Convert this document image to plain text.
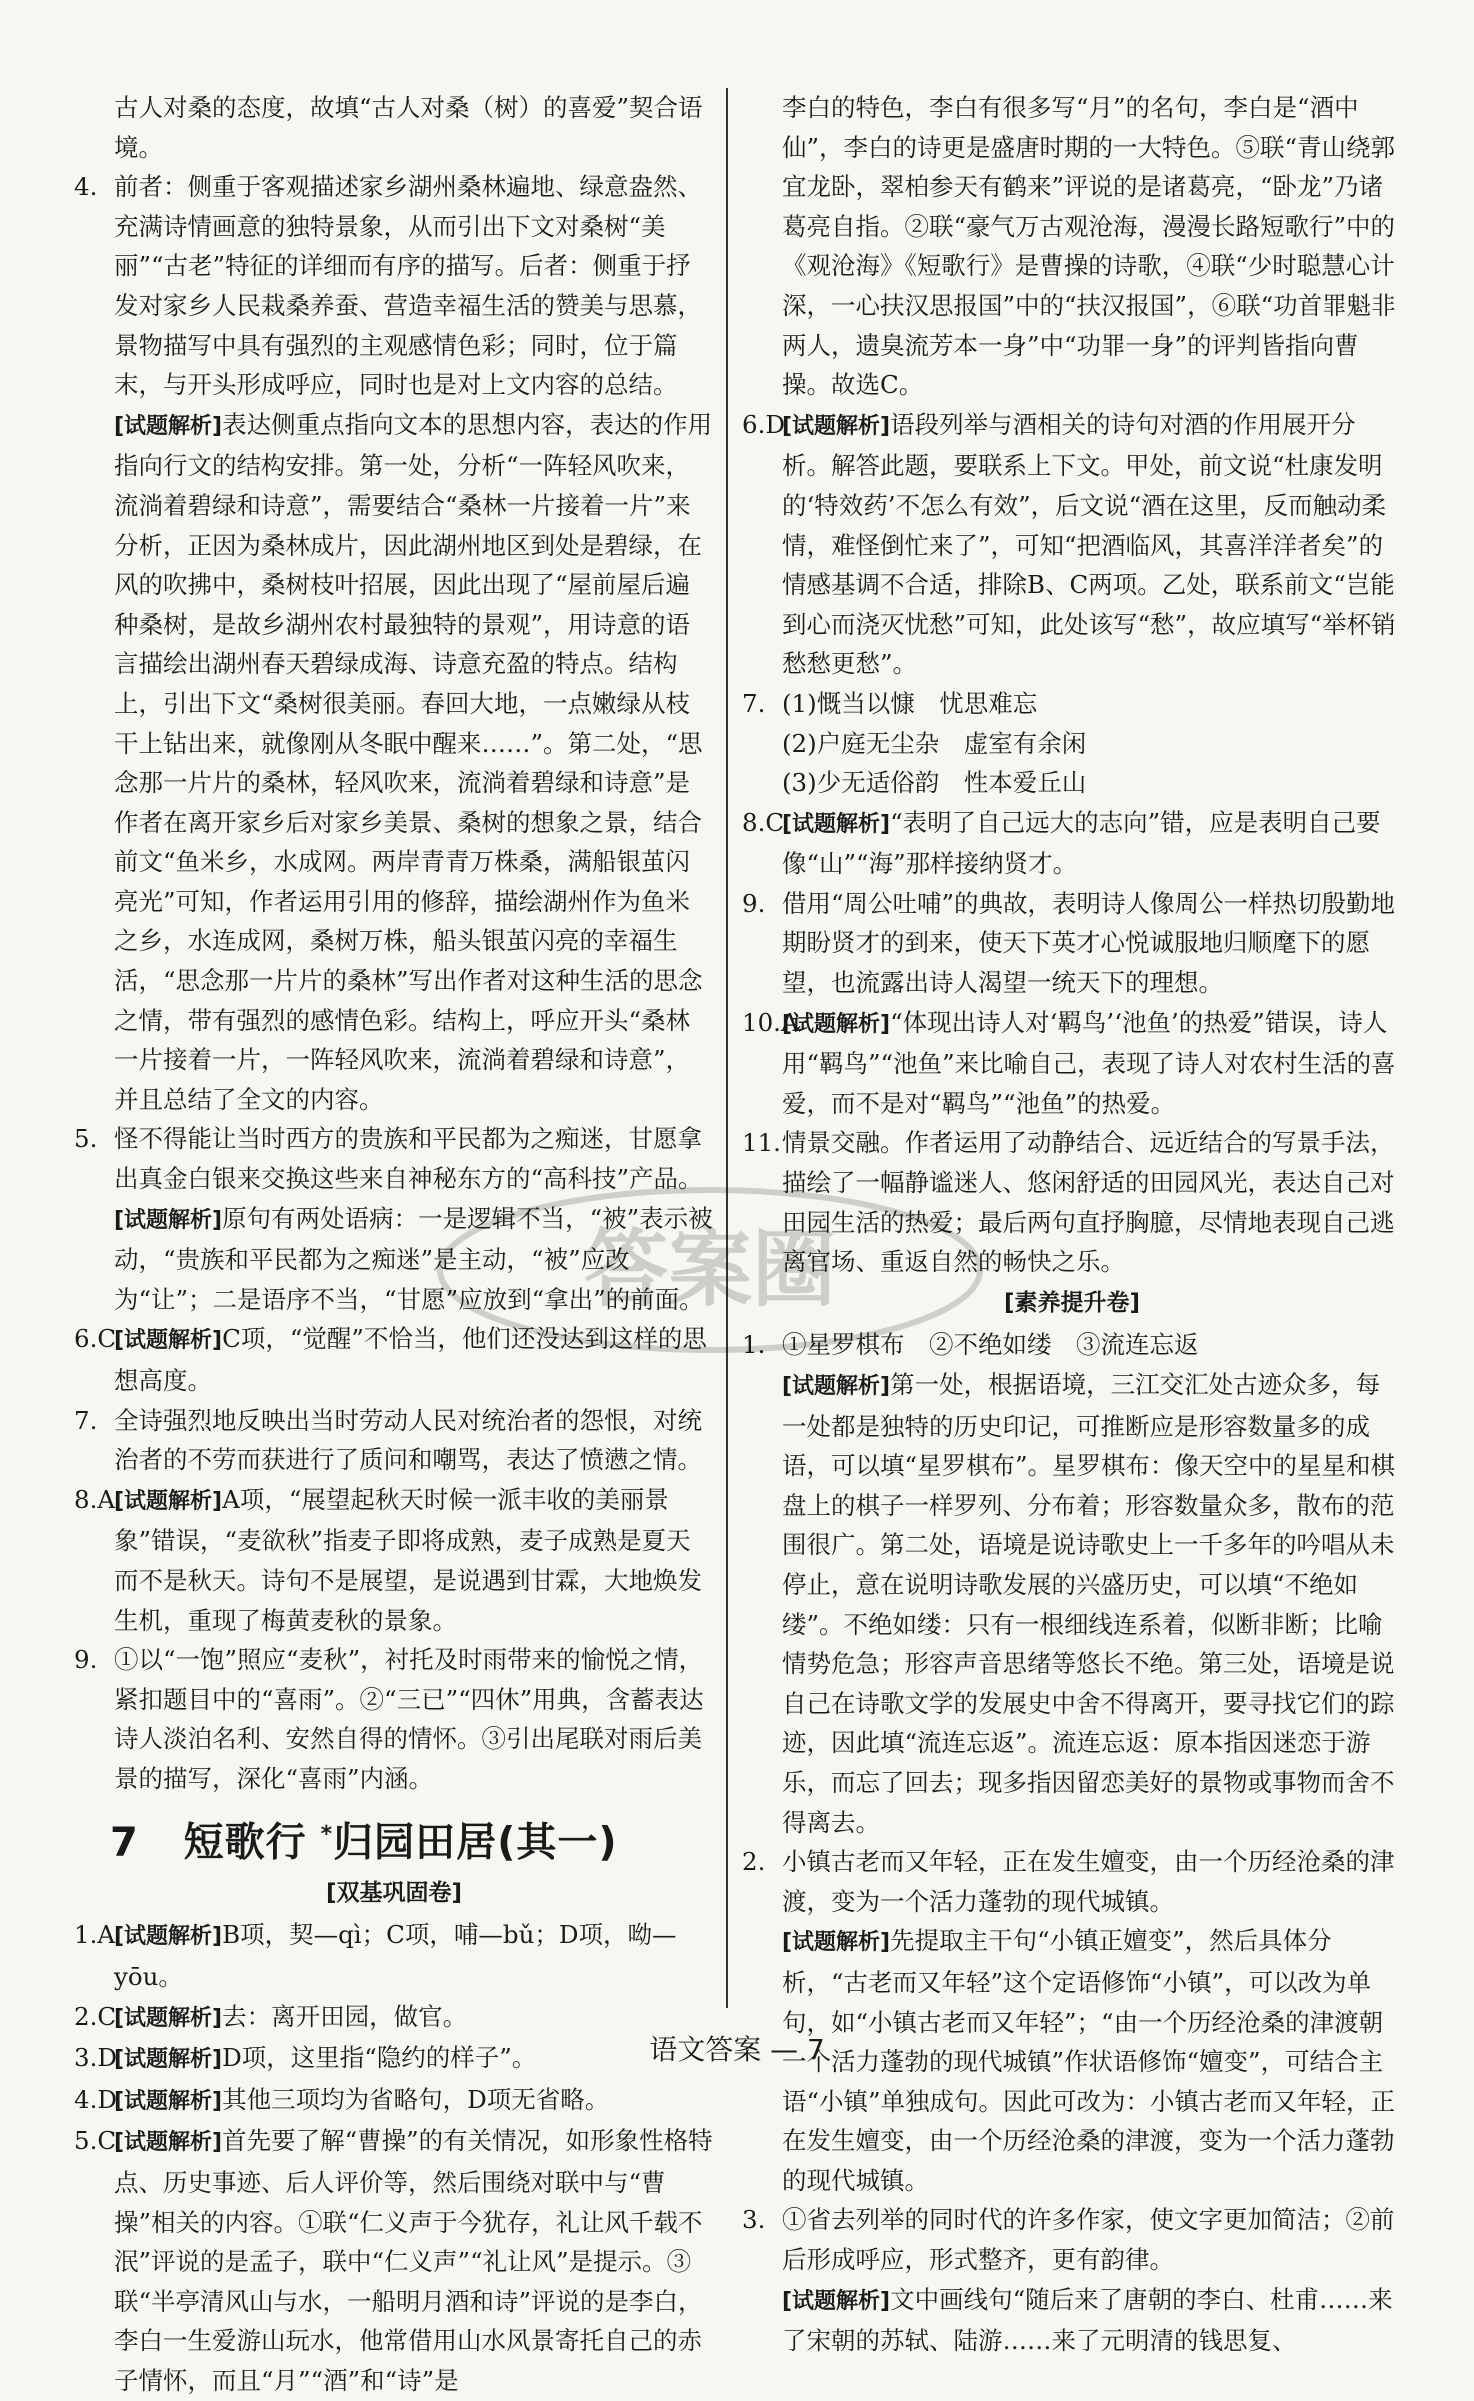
古人对桑的态度，故填“古人对桑（树）的喜爱”契合语境。

4. 前者：侧重于客观描述家乡湖州桑林遍地、绿意盎然、充满诗情画意的独特景象，从而引出下文对桑树“美丽”“古老”特征的详细而有序的描写。后者：侧重于抒发对家乡人民栽桑养蚕、营造幸福生活的赞美与思慕，景物描写中具有强烈的主观感情色彩；同时，位于篇末，与开头形成呼应，同时也是对上文内容的总结。

[试题解析]表达侧重点指向文本的思想内容，表达的作用指向行文的结构安排。第一处，分析“一阵轻风吹来，流淌着碧绿和诗意”，需要结合“桑林一片接着一片”来分析，正因为桑林成片，因此湖州地区到处是碧绿，在风的吹拂中，桑树枝叶招展，因此出现了“屋前屋后遍种桑树，是故乡湖州农村最独特的景观”，用诗意的语言描绘出湖州春天碧绿成海、诗意充盈的特点。结构上，引出下文“桑树很美丽。春回大地，一点嫩绿从枝干上钻出来，就像刚从冬眠中醒来……”。第二处，“思念那一片片的桑林，轻风吹来，流淌着碧绿和诗意”是作者在离开家乡后对家乡美景、桑树的想象之景，结合前文“鱼米乡，水成网。两岸青青万株桑，满船银茧闪亮光”可知，作者运用引用的修辞，描绘湖州作为鱼米之乡，水连成网，桑树万株，船头银茧闪亮的幸福生活，“思念那一片片的桑林”写出作者对这种生活的思念之情，带有强烈的感情色彩。结构上，呼应开头“桑林一片接着一片，一阵轻风吹来，流淌着碧绿和诗意”，并且总结了全文的内容。

5. 怪不得能让当时西方的贵族和平民都为之痴迷，甘愿拿出真金白银来交换这些来自神秘东方的“高科技”产品。

[试题解析]原句有两处语病：一是逻辑不当，“被”表示被动，“贵族和平民都为之痴迷”是主动，“被”应改为“让”；二是语序不当，“甘愿”应放到“拿出”的前面。

6.C
[试题解析]C项，“觉醒”不恰当，他们还没达到这样的思想高度。

7. 全诗强烈地反映出当时劳动人民对统治者的怨恨，对统治者的不劳而获进行了质问和嘲骂，表达了愤懑之情。

8.A
[试题解析]A项，“展望起秋天时候一派丰收的美丽景象”错误，“麦欲秋”指麦子即将成熟，麦子成熟是夏天而不是秋天。诗句不是展望，是说遇到甘霖，大地焕发生机，重现了梅黄麦秋的景象。

9. ①以“一饱”照应“麦秋”，衬托及时雨带来的愉悦之情，紧扣题目中的“喜雨”。②“三已”“四休”用典，含蓄表达诗人淡泊名利、安然自得的情怀。③引出尾联对雨后美景的描写，深化“喜雨”内涵。

7 短歌行 *归园田居(其一)
[双基巩固卷]

1.A
[试题解析]B项，契—qì；C项，哺—bǔ；D项，呦—yōu。

2.C
[试题解析]去：离开田园，做官。

3.D
[试题解析]D项，这里指“隐约的样子”。

4.D
[试题解析]其他三项均为省略句，D项无省略。

5.C
[试题解析]首先要了解“曹操”的有关情况，如形象性格特点、历史事迹、后人评价等，然后围绕对联中与“曹操”相关的内容。①联“仁义声于今犹存，礼让风千载不泯”评说的是孟子，联中“仁义声”“礼让风”是提示。③联“半亭清风山与水，一船明月酒和诗”评说的是李白，李白一生爱游山玩水，他常借用山水风景寄托自己的赤子情怀，而且“月”“酒”和“诗”是

李白的特色，李白有很多写“月”的名句，李白是“酒中仙”，李白的诗更是盛唐时期的一大特色。⑤联“青山绕郭宜龙卧，翠柏参天有鹤来”评说的是诸葛亮，“卧龙”乃诸葛亮自指。②联“豪气万古观沧海，漫漫长路短歌行”中的《观沧海》《短歌行》是曹操的诗歌，④联“少时聪慧心计深，一心扶汉思报国”中的“扶汉报国”，⑥联“功首罪魁非两人，遗臭流芳本一身”中“功罪一身”的评判皆指向曹操。故选C。

6.D
[试题解析]语段列举与酒相关的诗句对酒的作用展开分析。解答此题，要联系上下文。甲处，前文说“杜康发明的‘特效药’不怎么有效”，后文说“酒在这里，反而触动柔情，难怪倒忙来了”，可知“把酒临风，其喜洋洋者矣”的情感基调不合适，排除B、C两项。乙处，联系前文“岂能到心而浇灭忧愁”可知，此处该写“愁”，故应填写“举杯销愁愁更愁”。

7. (1)慨当以慷　忧思难忘
(2)户庭无尘杂　虚室有余闲
(3)少无适俗韵　性本爱丘山

8.C
[试题解析]“表明了自己远大的志向”错，应是表明自己要像“山”“海”那样接纳贤才。

9. 借用“周公吐哺”的典故，表明诗人像周公一样热切殷勤地期盼贤才的到来，使天下英才心悦诚服地归顺麾下的愿望，也流露出诗人渴望一统天下的理想。

10.A
[试题解析]“体现出诗人对‘羁鸟’‘池鱼’的热爱”错误，诗人用“羁鸟”“池鱼”来比喻自己，表现了诗人对农村生活的喜爱，而不是对“羁鸟”“池鱼”的热爱。

11. 情景交融。作者运用了动静结合、远近结合的写景手法，描绘了一幅静谧迷人、悠闲舒适的田园风光，表达自己对田园生活的热爱；最后两句直抒胸臆，尽情地表现自己逃离官场、重返自然的畅快之乐。

[素养提升卷]

1. ①星罗棋布　②不绝如缕　③流连忘返

[试题解析]第一处，根据语境，三江交汇处古迹众多，每一处都是独特的历史印记，可推断应是形容数量多的成语，可以填“星罗棋布”。星罗棋布：像天空中的星星和棋盘上的棋子一样罗列、分布着；形容数量众多，散布的范围很广。第二处，语境是说诗歌史上一千多年的吟唱从未停止，意在说明诗歌发展的兴盛历史，可以填“不绝如缕”。不绝如缕：只有一根细线连系着，似断非断；比喻情势危急；形容声音思绪等悠长不绝。第三处，语境是说自己在诗歌文学的发展史中舍不得离开，要寻找它们的踪迹，因此填“流连忘返”。流连忘返：原本指因迷恋于游乐，而忘了回去；现多指因留恋美好的景物或事物而舍不得离去。

2. 小镇古老而又年轻，正在发生嬗变，由一个历经沧桑的津渡，变为一个活力蓬勃的现代城镇。

[试题解析]先提取主干句“小镇正嬗变”，然后具体分析，“古老而又年轻”这个定语修饰“小镇”，可以改为单句，如“小镇古老而又年轻”；“由一个历经沧桑的津渡朝一个活力蓬勃的现代城镇”作状语修饰“嬗变”，可结合主语“小镇”单独成句。因此可改为：小镇古老而又年轻，正在发生嬗变，由一个历经沧桑的津渡，变为一个活力蓬勃的现代城镇。

3. ①省去列举的同时代的许多作家，使文字更加简洁；②前后形成呼应，形式整齐，更有韵律。

[试题解析]文中画线句“随后来了唐朝的李白、杜甫……来了宋朝的苏轼、陆游……来了元明清的钱思复、

答案圈
语文答案 — 7
